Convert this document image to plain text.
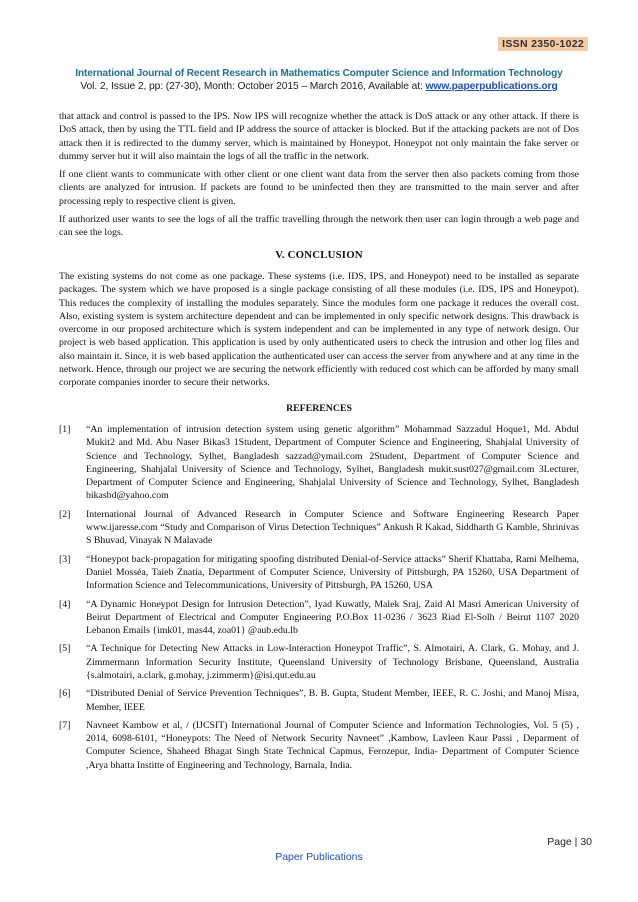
ISSN 2350-1022
International Journal of Recent Research in Mathematics Computer Science and Information Technology
Vol. 2, Issue 2, pp: (27-30), Month: October 2015 – March 2016, Available at: www.paperpublications.org

that attack and control is passed to the IPS. Now IPS will recognize whether the attack is DoS attack or any other attack. If there is DoS attack, then by using the TTL field and IP address the source of attacker is blocked. But if the attacking packets are not of Dos attack then it is redirected to the dummy server, which is maintained by Honeypot. Honeypot not only maintain the fake server or dummy server but it will also maintain the logs of all the traffic in the network.

If one client wants to communicate with other client or one client want data from the server then also packets coming from those clients are analyzed for intrusion. If packets are found to be uninfected then they are transmitted to the main server and after processing reply to respective client is given.

If authorized user wants to see the logs of all the traffic travelling through the network then user can login through a web page and can see the logs.

V. CONCLUSION

The existing systems do not come as one package. These systems (i.e. IDS, IPS, and Honeypot) need to be installed as separate packages. The system which we have proposed is a single package consisting of all these modules (i.e. IDS, IPS and Honeypot). This reduces the complexity of installing the modules separately. Since the modules form one package it reduces the overall cost. Also, existing system is system architecture dependent and can be implemented in only specific network designs. This drawback is overcome in our proposed architecture which is system independent and can be implemented in any type of network design. Our project is web based application. This application is used by only authenticated users to check the intrusion and other log files and also maintain it. Since, it is web based application the authenticated user can access the server from anywhere and at any time in the network. Hence, through our project we are securing the network efficiently with reduced cost which can be afforded by many small corporate companies inorder to secure their networks.

REFERENCES
[1]	“An implementation of intrusion detection system using genetic algorithm” Mohammad Sazzadul Hoque1, Md. Abdul Mukit2 and Md. Abu Naser Bikas3 1Student, Department of Computer Science and Engineering, Shahjalal University of Science and Technology, Sylhet, Bangladesh sazzad@ymail.com 2Student, Department of Computer Science and Engineering, Shahjalal University of Science and Technology, Sylhet, Bangladesh mukit.sust027@gmail.com 3Lecturer, Department of Computer Science and Engineering, Shahjalal University of Science and Technology, Sylhet, Bangladesh bikasbd@yahoo.com
[2]	International Journal of Advanced Research in Computer Science and Software Engineering Research Paper www.ijaresse.com “Study and Comparison of Virus Detection Techniques” Ankush R Kakad, Siddharth G Kamble, Shrinivas S Bhuvad, Vinayak N Malavade
[3]	“Honeypot back-propagation for mitigating spoofing distributed Denial-of-Service attacks” Sherif Khattaba, Rami Melhema, Daniel Mosséa, Taieb Znatia, Department of Computer Science, University of Pittsburgh, PA 15260, USA Department of Information Science and Telecommunications, University of Pittsburgh, PA 15260, USA
[4]	“A Dynamic Honeypot Design for Intrusion Detection”, Iyad Kuwatly, Malek Sraj, Zaid Al Masri American University of Beirut Department of Electrical and Computer Engineering P.O.Box 11-0236 / 3623 Riad El-Solh / Beirut 1107 2020 Lebanon Emails {imk01, mas44, zoa01} @aub.edu.lb
[5]	“A Technique for Detecting New Attacks in Low-Interaction Honeypot Traffic”, S. Almotairi, A. Clark, G. Mohay, and J. Zimmermann Information Security Institute, Queensland University of Technology Brisbane, Queensland, Australia {s.almotairi, a.clark, g.mohay, j.zimmerm}@isi.qut.edu.au
[6]	“Distributed Denial of Service Prevention Techniques”, B. B. Gupta, Student Member, IEEE, R. C. Joshi, and Manoj Misra, Member, IEEE
[7]	Navneet Kambow et al, / (IJCSIT) International Journal of Computer Science and Information Technologies, Vol. 5 (5) , 2014, 6098-6101, “Honeypots: The Need of Network Security Navneet” ,Kambow, Lavleen Kaur Passi , Deparment of Computer Science, Shaheed Bhagat Singh State Technical Capmus, Ferozepur, India- Department of Computer Science ,Arya bhatta Institte of Engineering and Technology, Barnala, India.
Page | 30
Paper Publications
